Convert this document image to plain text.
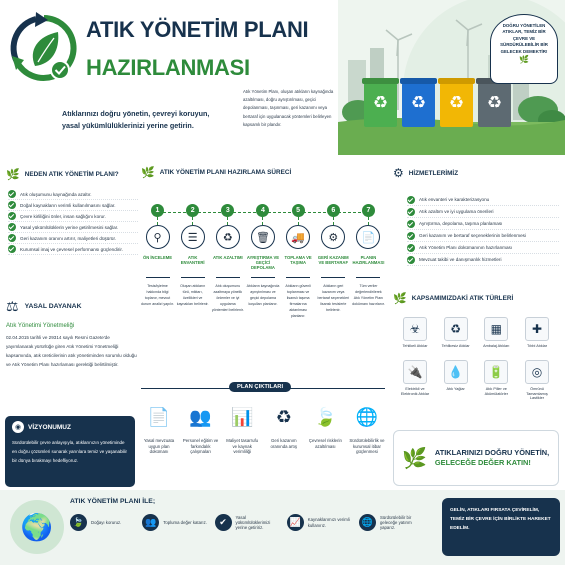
ATIK YÖNETİM PLANI
HAZIRLANMASI
Atıklarınızı doğru yönetin, çevreyi koruyun, yasal yükümlülüklerinizi yerine getirin.
Atık Yönetim Planı, oluşan atıkların kaynağında azaltılması, doğru ayrıştırılması, geçici depolanması, taşınması, geri kazanımı veya bertaraf için uygulanacak yöntemleri belirleyen kapsamlı bir plandır.
♻	♻	♻	♻
DOĞRU YÖNETİLEN ATIKLAR, TEMİZ BİR ÇEVRE VE SÜRDÜRÜLEBİLİR BİR GELECEK DEMEKTİR!
🌿
🌿 NEDEN ATIK YÖNETİM PLANI?
Atık oluşumunu kaynağında azaltır.
Doğal kaynakların verimli kullanılmasını sağlar.
Çevre kirliliğini önler, insan sağlığını korur.
Yasal yükümlülüklerin yerine getirilmesini sağlar.
Geri kazanım oranını artırır, maliyetleri düşürür.
Kurumsal imaj ve çevresel performansı güçlendirir.
⚖ YASAL DAYANAK
Atık Yönetimi Yönetmeliği
02.04.2015 tarihli ve 29314 sayılı Resmi Gazete'de yayımlanarak yürürlüğe giren Atık Yönetimi Yönetmeliği kapsamında, atık üreticilerinin atık yönetiminden sorumlu olduğu ve Atık Yönetim Planı hazırlaması gerektiği belirtilmiştir.
◉	VİZYONUMUZ
Sürdürülebilir çevre anlayışıyla, atıklarınızın yönetiminde en doğru çözümleri sunarak yarınlara temiz ve yaşanabilir bir dünya bırakmayı hedefliyoruz.
🌿 ATIK YÖNETİM PLANI HAZIRLAMA SÜRECİ
1
⚲
ÖN İNCELEME
Tesis/işletme hakkında bilgi toplanır, mevcut durum analizi yapılır.
2
☰
ATIK ENVANTERİ
Oluşan atıkların türü, miktarı, özellikleri ve kaynakları belirlenir.
3
♻
ATIK AZALTIMI
Atık oluşumunu azaltmaya yönelik önlemler ve iyi uygulama yöntemleri belirlenir.
4
🗑
AYRIŞTIRMA VE GEÇİCİ DEPOLAMA
Atıkların kaynağında ayrıştırılması ve geçici depolama koşulları planlanır.
5
🚚
TOPLAMA VE TAŞIMA
Atıkların güvenli toplanması ve lisanslı taşıma firmalarına aktarılması planlanır.
6
⚙
GERİ KAZANIM VE BERTARAF
Atıkların geri kazanım veya bertaraf seçenekleri lisanslı tesislerle belirlenir.
7
📄
PLANIN HAZIRLANMASI
Tüm veriler değerlendirilerek Atık Yönetim Planı dokümanı hazırlanır.
PLAN ÇIKTILARI
📄
Yasal mevzuata uygun plan dokümanı
👥
Personel eğitim ve farkındalık çalışmaları
📊
Maliyet tasarrufu ve kaynak verimliliği
♻
Geri kazanım oranında artış
🍃
Çevresel risklerin azaltılması
🌐
Sürdürülebilirlik ve kurumsal itibar güçlenmesi
⚙ HİZMETLERİMİZ
Atık envanteri ve karakterizasyonu
Atık azaltım ve iyi uygulama önerileri
Ayrıştırma, depolama, taşıma planlaması
Geri kazanım ve bertaraf seçeneklerinin belirlenmesi
Atık Yönetim Planı dokümanının hazırlanması
Mevzuat takibi ve danışmanlık hizmetleri
🌿 KAPSAMIMIZDAKİ ATIK TÜRLERİ
☣
Tehlikeli Atıklar
♻
Tehlikesiz Atıklar
▦
Ambalaj Atıkları
✚
Tıbbi Atıklar
🔌
Elektrikli ve Elektronik Atıklar
💧
Atık Yağlar
🔋
Atık Piller ve Akümülatörler
◎
Ömrünü Tamamlamış Lastikler
🌿 ATIKLARINIZI DOĞRU YÖNETİN,
GELECEĞE DEĞER KATIN!
🌍
ATIK YÖNETİM PLANI İLE;
🍃	Doğayı koruruz.	👥	Topluma değer katarız.	✔	Yasal yükümlülüklerimizi yerine getiririz.
📈	Kaynaklarımızı verimli kullanırız.	🌐	Sürdürülebilir bir geleceğe yatırım yaparız.
GELİN, ATIKLARI FIRSATA ÇEVİRELİM, TEMİZ BİR ÇEVRE İÇİN BİRLİKTE HAREKET EDELİM.
